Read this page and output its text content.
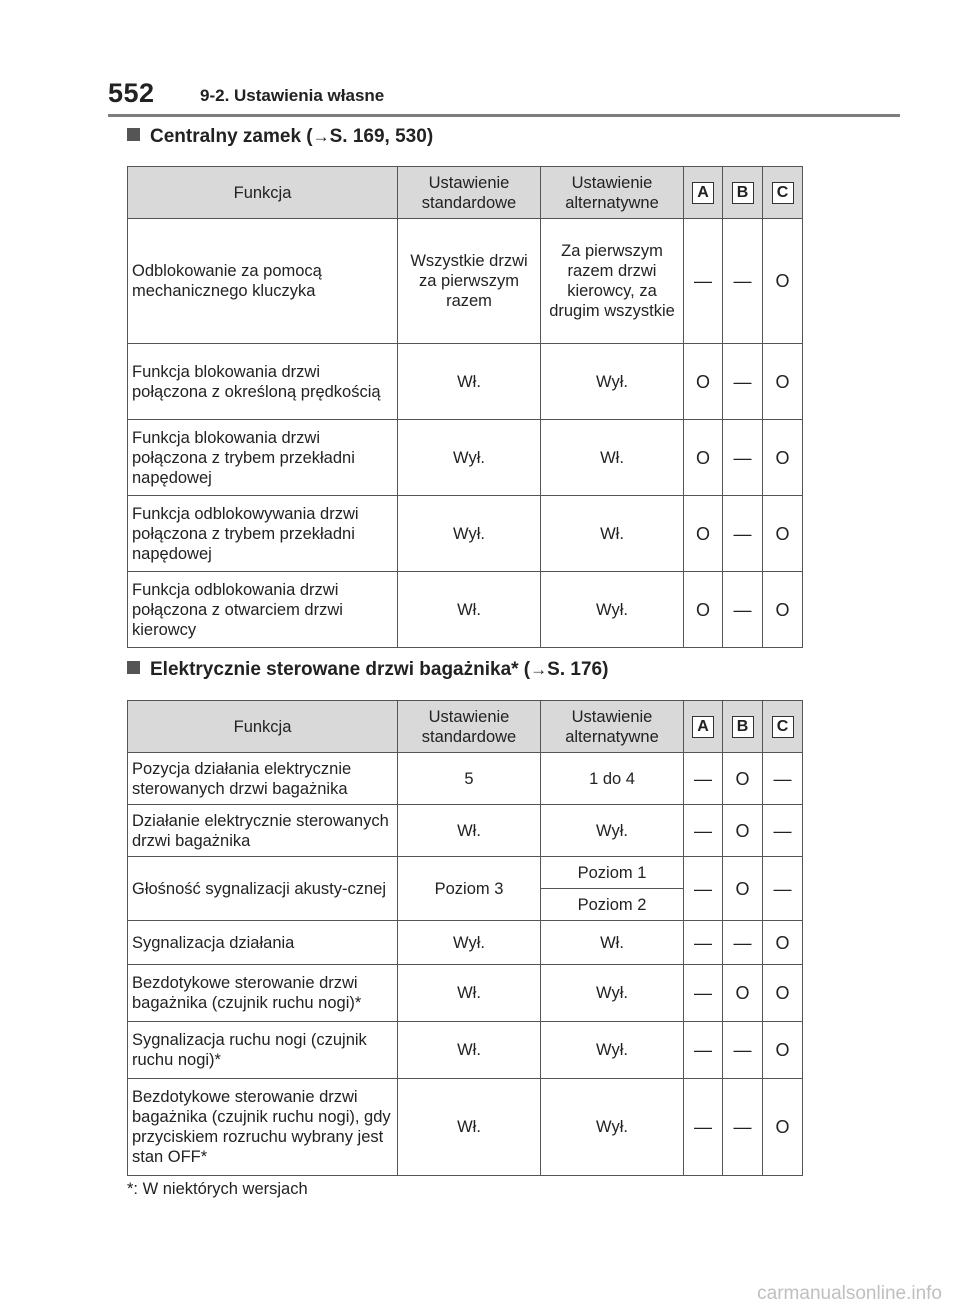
552	9-2. Ustawienia własne
Centralny zamek (→S. 169, 530)
Funkcja	Ustawienie standardowe	Ustawienie alternatywne	A	B	C
Odblokowanie za pomocą mechanicznego kluczyka	Wszystkie drzwi za pierwszym razem	Za pierwszym razem drzwi kierowcy, za drugim wszystkie	—	—	O
Funkcja blokowania drzwi połączona z określoną prędkością	Wł.	Wył.	O	—	O
Funkcja blokowania drzwi połączona z trybem przekładni napędowej	Wył.	Wł.	O	—	O
Funkcja odblokowywania drzwi połączona z trybem przekładni napędowej	Wył.	Wł.	O	—	O
Funkcja odblokowania drzwi połączona z otwarciem drzwi kierowcy	Wł.	Wył.	O	—	O
Elektrycznie sterowane drzwi bagażnika* (→S. 176)
Funkcja	Ustawienie standardowe	Ustawienie alternatywne	A	B	C
Pozycja działania elektrycznie sterowanych drzwi bagażnika	5	1 do 4	—	O	—
Działanie elektrycznie sterowanych drzwi bagażnika	Wł.	Wył.	—	O	—
Głośność sygnalizacji akusty-cznej	Poziom 3	Poziom 1	—	O	—
		Poziom 2			
Sygnalizacja działania	Wył.	Wł.	—	—	O
Bezdotykowe sterowanie drzwi bagażnika (czujnik ruchu nogi)*	Wł.	Wył.	—	O	O
Sygnalizacja ruchu nogi (czujnik ruchu nogi)*	Wł.	Wył.	—	—	O
Bezdotykowe sterowanie drzwi bagażnika (czujnik ruchu nogi), gdy przyciskiem rozruchu wybrany jest stan OFF*	Wł.	Wył.	—	—	O
*: W niektórych wersjach
carmanualsonline.info
